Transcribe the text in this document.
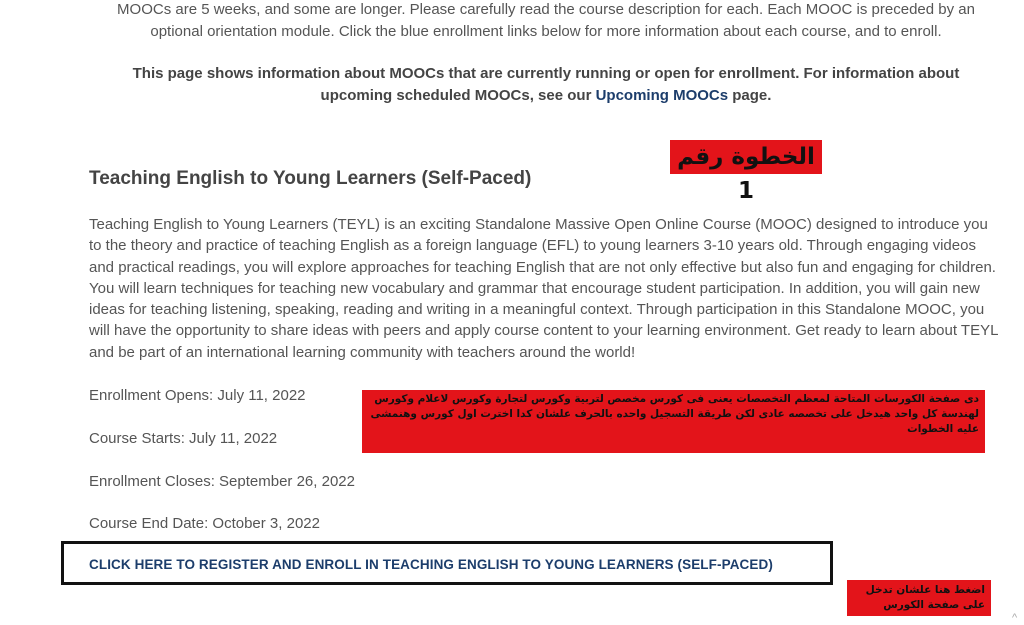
MOOCs are 5 weeks, and some are longer. Please carefully read the course description for each. Each MOOC is preceded by an optional orientation module. Click the blue enrollment links below for more information about each course, and to enroll.

This page shows information about MOOCs that are currently running or open for enrollment. For information about upcoming scheduled MOOCs, see our Upcoming MOOCs page.

Teaching English to Young Learners (Self-Paced)

Teaching English to Young Learners (TEYL) is an exciting Standalone Massive Open Online Course (MOOC) designed to introduce you to the theory and practice of teaching English as a foreign language (EFL) to young learners 3-10 years old. Through engaging videos and practical readings, you will explore approaches for teaching English that are not only effective but also fun and engaging for children. You will learn techniques for teaching new vocabulary and grammar that encourage student participation. In addition, you will gain new ideas for teaching listening, speaking, reading and writing in a meaningful context. Through participation in this Standalone MOOC, you will have the opportunity to share ideas with peers and apply course content to your learning environment. Get ready to learn about TEYL and be part of an international learning community with teachers around the world!

Enrollment Opens: July 11, 2022

Course Starts: July 11, 2022

Enrollment Closes: September 26, 2022

Course End Date: October 3, 2022

CLICK HERE TO REGISTER AND ENROLL IN TEACHING ENGLISH TO YOUNG LEARNERS (SELF-PACED)
الخطوة رقم 1
دى صفحة الكورسات المتاحة لمعظم التخصصات يعنى فى كورس مخصص لتربية وكورس لتجارة وكورس لاعلام وكورس لهندسة كل واحد هيدخل على تخصصه عادى لكن طريقة التسجيل واحده بالحرف علشان كدا اخترت اول كورس وهنمشى عليه الخطوات
اضغط هنا علشان تدخل على صفحة الكورس
^
